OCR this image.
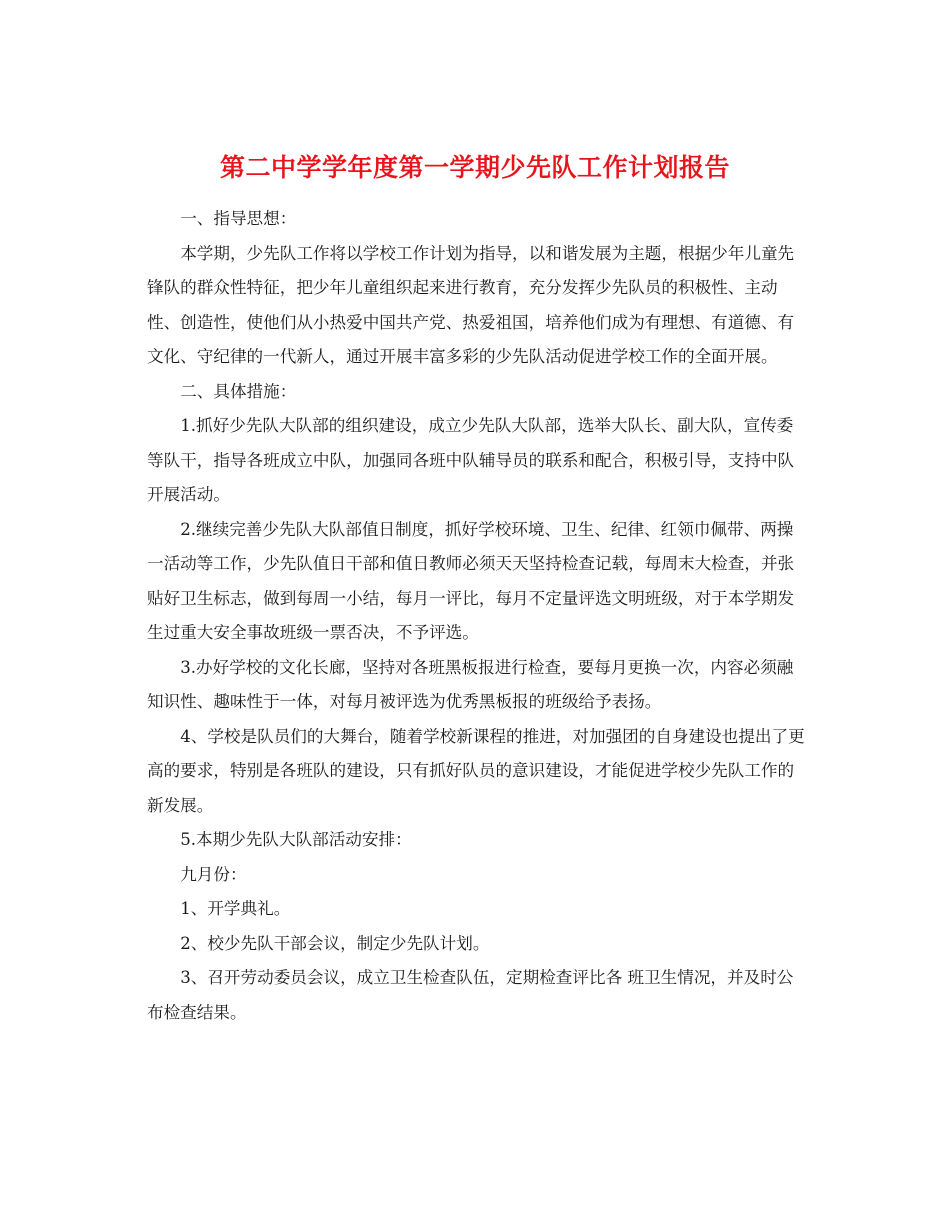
第二中学学年度第一学期少先队工作计划报告

一、指导思想：

本学期，少先队工作将以学校工作计划为指导，以和谐发展为主题，根据少年儿童先锋队的群众性特征，把少年儿童组织起来进行教育，充分发挥少先队员的积极性、主动性、创造性，使他们从小热爱中国共产党、热爱祖国，培养他们成为有理想、有道德、有文化、守纪律的一代新人，通过开展丰富多彩的少先队活动促进学校工作的全面开展。

二、具体措施：

1.抓好少先队大队部的组织建设，成立少先队大队部，选举大队长、副大队，宣传委等队干，指导各班成立中队，加强同各班中队辅导员的联系和配合，积极引导，支持中队开展活动。

2.继续完善少先队大队部值日制度，抓好学校环境、卫生、纪律、红领巾佩带、两操一活动等工作，少先队值日干部和值日教师必须天天坚持检查记载，每周末大检查，并张贴好卫生标志，做到每周一小结，每月一评比，每月不定量评选文明班级，对于本学期发生过重大安全事故班级一票否决，不予评选。

3.办好学校的文化长廊，坚持对各班黑板报进行检查，要每月更换一次，内容必须融知识性、趣味性于一体，对每月被评选为优秀黑板报的班级给予表扬。

4、学校是队员们的大舞台，随着学校新课程的推进，对加强团的自身建设也提出了更高的要求，特别是各班队的建设，只有抓好队员的意识建设，才能促进学校少先队工作的新发展。

5.本期少先队大队部活动安排：

九月份：

1、开学典礼。

2、校少先队干部会议，制定少先队计划。

3、召开劳动委员会议，成立卫生检查队伍，定期检查评比各 班卫生情况，并及时公布检查结果。
